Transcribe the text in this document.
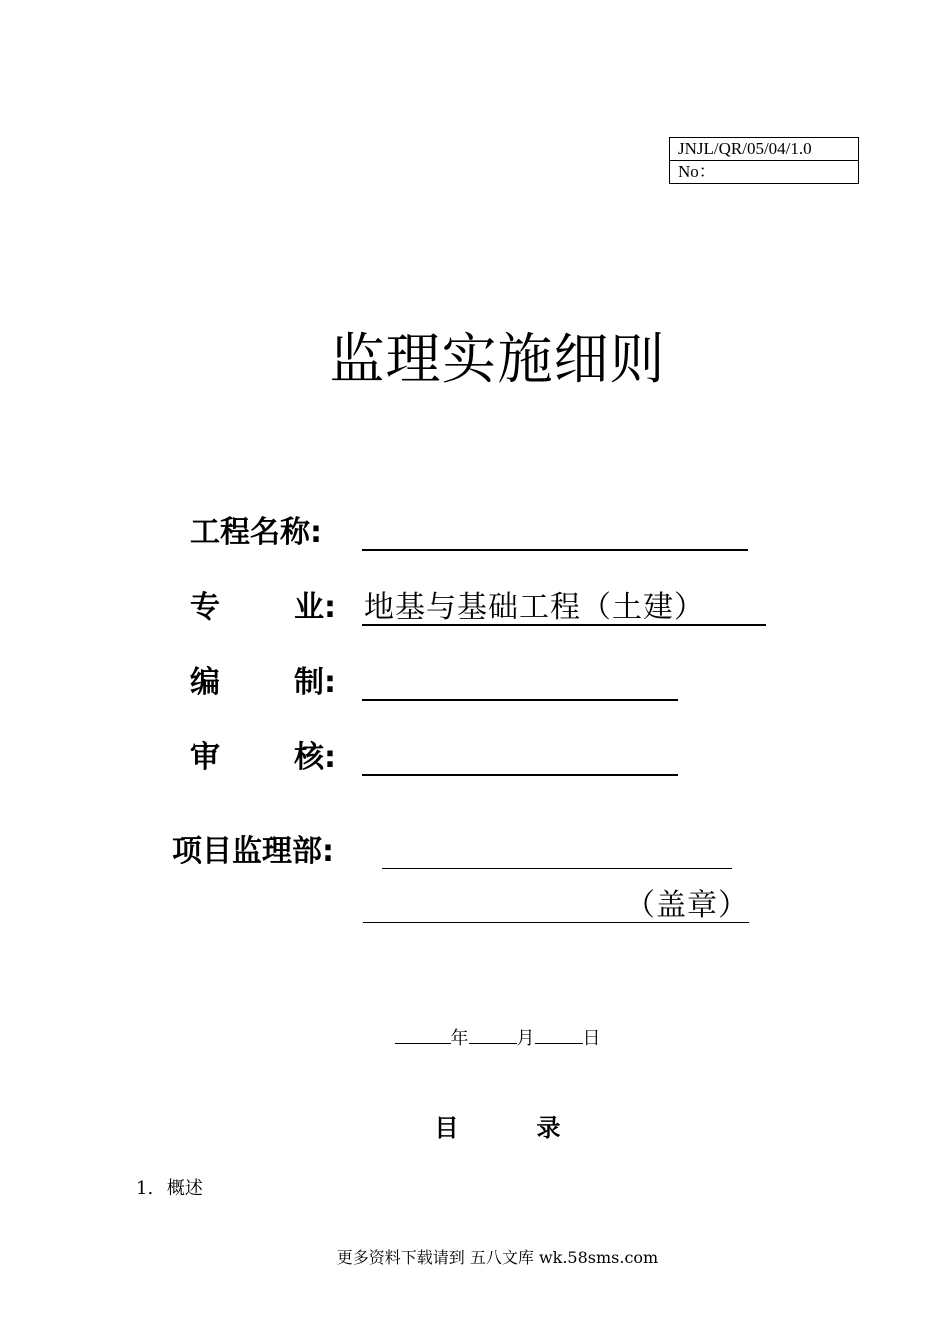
JNJL/QR/05/04/1.0
No：
监理实施细则
工程名称:
专 业: 地基与基础工程（土建）
编 制:
审 核:
项目监理部:
（盖章）
年	月	日
目	录
1. 概述
更多资料下载请到 五八文库 wk.58sms.com
